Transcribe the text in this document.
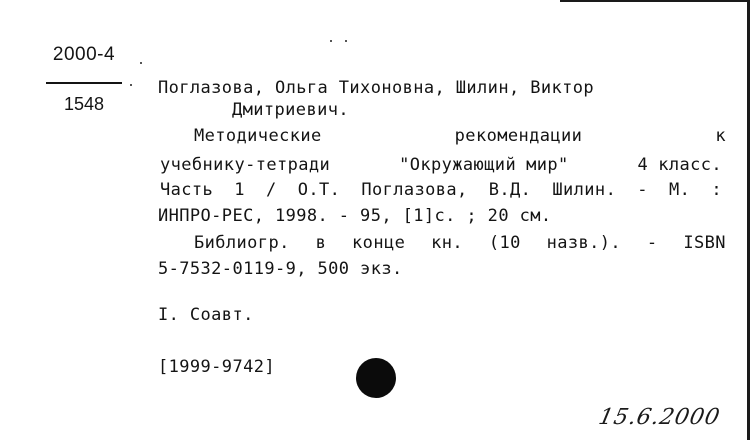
2000-4
1548
Поглазова, Ольга Тихоновна, Шилин, Виктор
Дмитриевич.
Методические	рекомендации	к
учебнику-тетради	"Окружающий мир"	4 класс.
Часть 1 / О.Т. Поглазова, В.Д. Шилин. - М. :
ИНПРО-РЕС, 1998. - 95, [1]с. ; 20 см.
Библиогр. в конце кн. (10 назв.). - ISBN
5-7532-0119-9, 500 экз.
I. Соавт.
[1999-9742]
15.6.2000
